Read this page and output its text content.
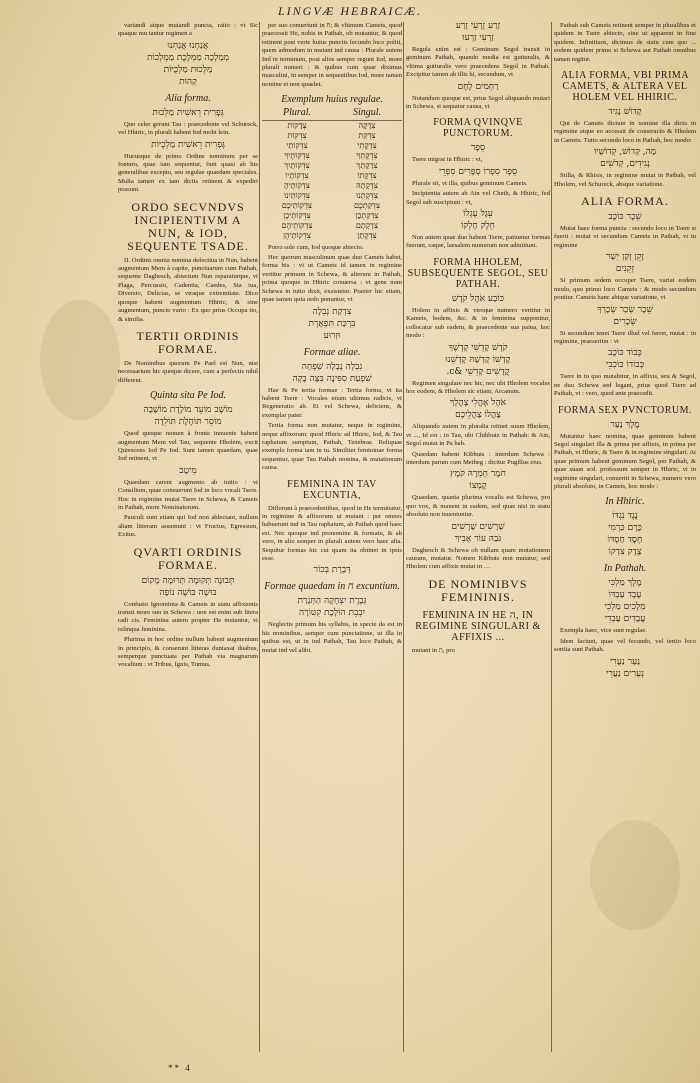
LINGVÆ HEBRAICÆ.
variandi atque mutandi puncta, ratio : vt Sic quaque mu tantur regimen a
אֲנַחְנוּ אֲנַחְנוּ
מְמְלָכָה מַמְלֶכֶת מַמְלְכוֹת
מַלְכוּת מַלְכֻיּוֹת
קְהוּת
Alia forma.
גְּפָרִית רֵאשִׁית מַלְכוּת
Quo celer gerunt Tau : praecedente vel Schureck, vel Hhiric, in plurali habent Iod mobi lein.
גְּפְרִית רֵאשִׁית מַלְכֻיּוֹת
Hucusque de primo Ordine nominum per se foeturo, quae iam sequentur, funt quasi ab his generalibus excepto, seu regulae quaedam speciales. Multa tamen ex iam dictis retinent & expediri possunt.
ORDO SECVNDVS INCIPIENTIVM A NUN, & IOD, SEQUENTE TSADE.
II. Ordinis omnia nomina defectiua in Nun, habent augmentum Mem à capite, punctuarum cum Pathah, sequente Daghesch, abiectum Nun reparaturque, vt Plaga, Percussio, Cadentia, Caedes, Sta tua, Diversio, Delicias, se vtraque extremitate. Dico quoque habent augmentum Hhiric, & sine augmentum, puncto vario : Ex quo prius Occupa tio, & similia.
TERTII ORDINIS FORMAE.
De Nominibus quorum Pe Pael est Nun, nisi necessarium hic quoque dicere, cum a perfectis nihil different.
Quinta sita Pe Iod.
מוֹשָׁב מוֹעֵד מוֹלֶדֶת מוֹשָׁבָה
מוֹסֵר תּוֹחֶלֶת תּוֹלֵדָה
Quod quoque nomen à fronte innuente habent augmentum Mem vel Tau, sequente Hholem, excit Quiescens Iod Pe Iod. Sunt tamen quaedam, quae Iod retinent, vt
מֵיטָב
Quaedam carent augmento ab initio : vt Consilium, quae consuerunt Iod in loco vocali Tsere. Hoc in regimine mutat Tsere in Schewa, & Camets in Pathah, more Nominatorum.
Pauculi sunt etiam qui Iod non ablectant, nullum aliam litteram assumunt : vt Fructus, Egressum, Exitus.
QVARTI ORDINIS FORMAE.
תְּבוּנָה תְּקוּמָה תְּרוּמָה מָקוֹם
בּוּשָׁה בּוֹשָׁה נוֹפָה
Confusio Ignominia & Camets in statu affixionis transit more suo in Schewa : non est enim sub litera radi cis. Feminina autem propter He mutantur, vt relinqua feminina.
Plurima in hoc ordine nullum habent augmentum in principio, & conserunt litteras duntaxat duabus, semperque punctuata per Pathah via magnarum vocalium : vt Tribus, Ignis, Tumus.
per suo conuertunt in ח; & vltimum Camets, quod praecessit He, nobis in Pathah, ob mutantur, & quod retinent post verte huius punctis fecundo loco politi, quem admodum in mutant ind causa : Plurale autem Ind in terminum, post alios semper regunt Iod, more plurali numeri : & quibus cum quae diximus masculini, in semper in sequentibus Iod, more tamen nomine et non quaelet.
Exemplum huius regulae.
Plural.	Singul.
צְדָקוֹת	צְדָקָה
צִדְקוֹת	צִדְקַת
צִדְקוֹתַי	צִדְקָתִי
צִדְקוֹתֶיךָ	צִדְקָתְךָ
צִדְקוֹתַיִךְ	צִדְקָתֵךְ
צִדְקוֹתָיו	צִדְקָתוֹ
צִדְקוֹתֶיהָ	צִדְקָתָהּ
צִדְקוֹתֵינוּ	צִדְקָתֵנוּ
צִדְקוֹתֵיכֶם	צִדְקַתְכֶם
צִדְקוֹתֵיכֶן	צִדְקַתְכֶן
צִדְקוֹתֵיהֶם	צִדְקָתָם
צִדְקוֹתֵיהֶן	צִדְקָתָן
Porro sole cum, Iod quoque abiecto.
Hec quorum masculinum quae duo Camets habet, forma bis : vi ut Camets id tamen in regimine vertitur primum in Schewa, & alterum in Pathah, prima quoque in Hhiric conuersa : vt gene num Schewa in tutto dixit, exsistetur. Praeter hic etiam, quae tamen quia ordo ponuntur, vt
צִדְקַת נְבֵלָה
בִּרְכַּת תִּפְאֶרֶת
וּזְרוּע
Formae aliae.
נִבְלָה נְבָלָה שִׁפְחָה
שִׁפְעַת סִפִּינָה בִּצָּה בָּקָה
Hae & Pe tertia formae : Tertia forma, vt ita habent Tsere : Vocales etiam ultimus radicis, vt Regeneratio ab. Et vel Schewa, deficiens, & exemplar pater.
Tertia forma non mutatur, neque in regimine, neque affixorum: quod Hhiric ad Hhiric, Iod, & Tau raphatum sumptum, Pathah, Tenebrae. Reliquae exemplo forma tam in tu. Similiter femininae forma sequentur, quae Tau Pathah nomina, & mutationum causa.
FEMININA IN TAV EXCUNTIA,
Differunt à praecedentibus, quod in He terminatur, in regimine & affixorum ut mutant : per omnes habuerunt ind in Tau raphatum, ab Pathah quod haec est. Nec quoque ind pronomine & formatu, & ab vero, in alio semper in plurali autem vero haec alia. Sequitur formas hic cui quam ita obtinet in ipsis esse.
דְּבֶרֶת בְּכוֹר
Formae quaedam in ח excuntium.
גְּבֶרֶת יִצְחָקָה הַתְּגָרַת
יִבְבֵת הוֹלֶכֶת קִטּוֹרָה
Neglectis primum his syllabis, in specie da est in his nominibus, semper cum punctatione, ut illa in quibus est, ut in ind Pathah, Tau loco Pathah, & mutat ind vel alibi.
זְרַע זְרָעִי זְרַע
זַרְעִי זַרְעוּ
Regula enim est : Geminum Segol transit in geminum Pathah, quando media est gutturalis, & vltima gutturalis vero praecedens Segol in Pathah. Excipitur tamen ab illis hi, secundum, vt
רַחְמִים לֶחֶם
Notandum quoque est, prius Segol aliquando mutari in Schewa, si sequatur causa, vt
FORMA QVINQVE PUNCTORUM.
סֵפֶר
Tsere migrat in Hhiric : vt,
סֵפֶר סִפְרוֹ סְפָרִים סִפְרֵי
Plurale sit, vt illa, quibus geminum Camets.
Incipientia autem ab Ain vel Cheth, & Hhiric, fed Segol sub suscipiunt : vt,
עֵגֶל עֶגְלוֹ
חֵלֶק חֶלְקוֹ
Non autem quae duo habent Tsere, patiuntur formas fuerunt, caque, laesalem numerum non admittunt.
FORMA HHOLEM, SUBSEQUENTE SEGOL, SEU PATHAH.
כּוֹבַע אֹהֶל קֹדֶשׁ
Holem in affixis & vtroque numero vertitur in Kamets, bodem, &c. & in feminina supponitur, collocatur sub eadem, & praecedente sua paina, hoc modo :
קֹדֶשׁ קָדְשִׁי קָדְשְׁךָ
קָדְשׁוֹ קָדְשָׁהּ קָדְשֵׁנוּ
קֳדָשִׁים קָדְשֵׁי &c.
Regimen singulare nec hic, nec ubi Hholem vocales hoc eodem, & Hholem sic etiam, Arcanum.
אֹהֶל אָהֳלִי צָהֳלָךְ
צָהֳלוֹ צָהֳלֵיכֶם
Aliquando autem in pluralia retinet suum Hholem, vt ..., Id est : in Tau, ubi Chibbutz in Pathah: & Ain, Segol mutat in Pa hah.
Quaedam habent Kibbuts : interdum Schewa : interdum parum cum Metheg : dicitur Pugillus eius.
חֹמֶר חֻמְרָהּ קֹמֶץ
קֻמְצוֹ
Quaedam, quanta plurima vocalis est Schewa, pro quo vox, & manent in eadem, sed quae nisi in statu absoluto non inueniuntur.
שָׁרָשִׁים שָׁרָשִׁים
גֹּבַהּ עוֹר אָבִיךְ
Daghesch & Schewa ob nullam quare mutationem causam, mutatur. Nomen Kibbuts non mutatur, sed Hholem cum affixis mutat in …
DE NOMINIBVS FEMININIS.
FEMININA IN HE ה, IN REGIMINE SINGULARI & AFFIXIS ...
mutant in ת, pro
Pathah sub Camets retinent semper in pluralibus et quidem in Tsere abiecto, sine ut apparent in fine quidem. Infinitiuos, dicimus de statu cum quo ... eodem quidem primo si Schewa aut Pathah omnibus tamen regitur.
ALIA FORMA, VBI PRIMA CAMETS, & ALTERA VEL HOLEM VEL HHIRIC.
קָדוֹשׁ נָגִיד
Qui de Camets dictum in nomine illa dicta in regimine atque eo accessit de constructo & Hholem in Camets. Tutto secundo loco in Pathah, hoc modo:
מָה, קְדוֹשׁ, קְדוֹשָׁיו
נְגִידִים, קְדֹשִׁים
Stilla, & Rhisis, in regimine mutat in Pathah, vel Hholem, vel Schureck, absque variatione.
ALIA FORMA.
שֵׁכָר כּוֹכָב
Mutat haec forma puncta : secundo loco in Tsere si fuerit : mutat vt secundum Camets in Pathah, vt in regimine
זָקֵן זְקַן יְשַׁר
זְקֵנִים
Si primum sedem occuper Tsere, variat eodem modo, quo primo loco Camets : & modo secundum ponitur. Camets hanc abique variatione, vt
שֵׁכָר שְׂכַר שְׂכָרְךָ
שְׂכָרִים
Si secundum tenet Tsere illud vel ferret, mutat : in regimine, praesertim : vt
כְּבוֹד כּוֹכָב
כְּבוֹדוֹ כּוֹכְבֵי
Tsere in tu quo mutabitur, in affixis, seu & Segol, ne duo Schewa sed legant, prius quod Tsere ad Pathah, vt : vero, quod ante praecedit.
FORMA SEX PVNCTORUM.
מֶלֶךְ נַעַר
Mutantur haec nomina, quae geminum habent Segol singulari illa & prima per affixis, in prima per Pathah, vt Hhiric, & Tsere & in regimine singulari. At quae primum habent geminum Segol, per Pathah, & quae suam scd. professum semper in Hhiric, vt in regimine singulari, conuertit in Schewa, numero vero plurali absoluto, in Camets, hoc modo :
In Hhiric.
נֶגֶד נִגְדּוֹ
כֶּרֶם כַּרְמִי
חֶסֶד חַסְדּוֹ
צֶדֶק צִדְקוֹ
In Pathah.
מֶלֶךְ מַלְכִּי
עֶבֶד עַבְדּוֹ
מְלָכִים מַלְכֵי
עֲבָדִים עַבְדֵי
Exempla haec, vice sunt regulae.
Idem faciunt, quae vel fecundo, vel tertio loco sortita sunt Pathah.
נַעַר נַעֲרִי
נְעָרִים נַעֲרֵי
** 4
